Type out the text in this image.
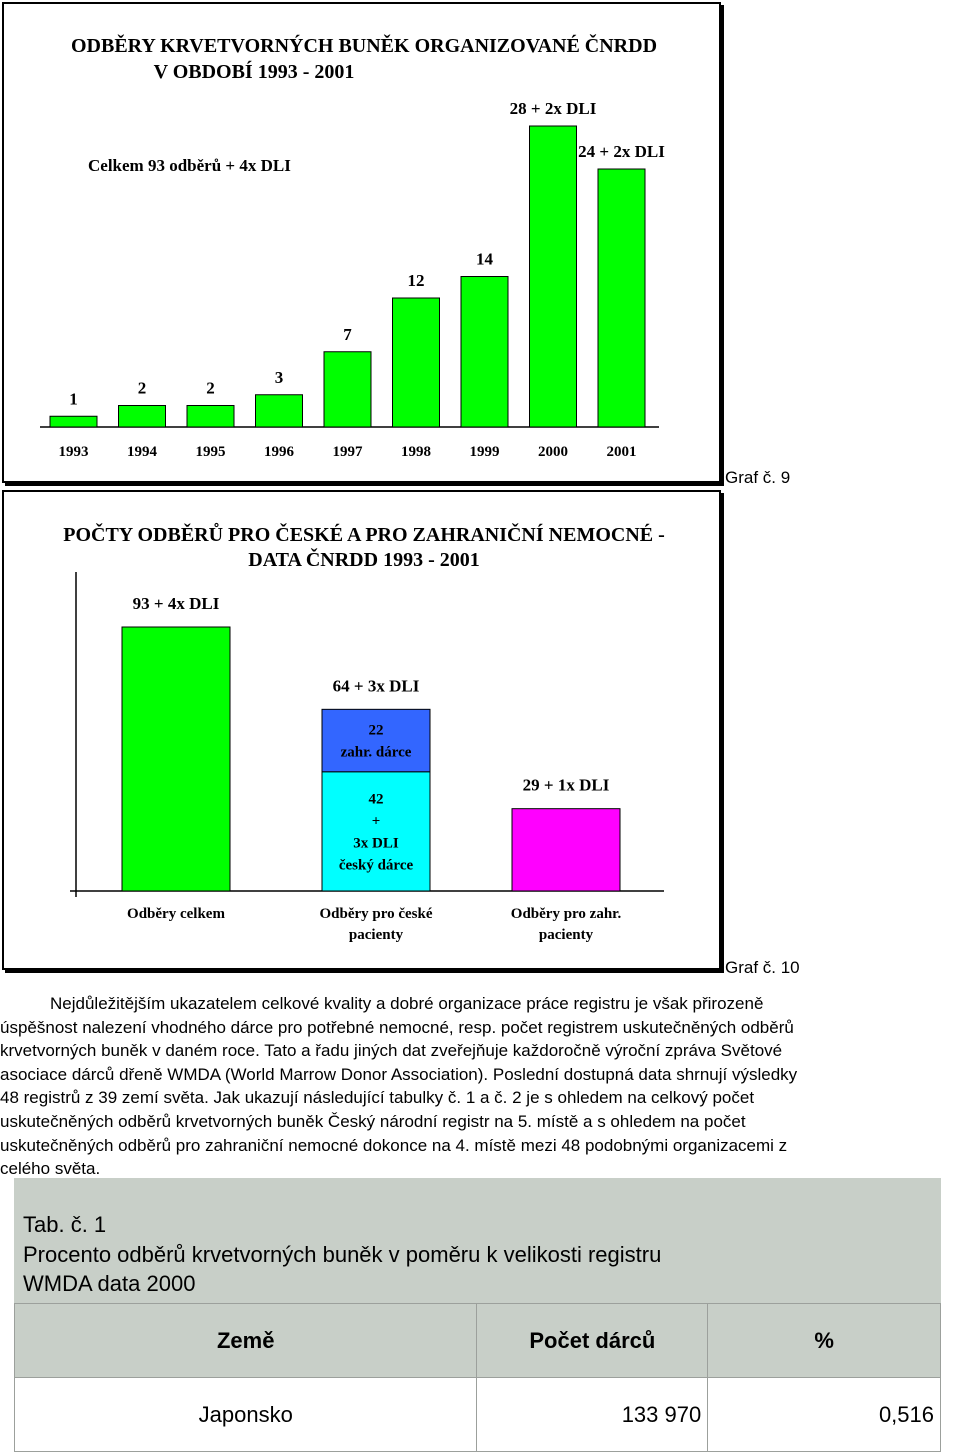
ODBĚRY KRVETVORNÝCH BUNĚK ORGANIZOVANÉ ČNRDD
V OBDOBÍ 1993 - 2001
Celkem 93 odběrů + 4x DLI
1
1993
2
1994
2
1995
3
1996
7
1997
12
1998
14
1999
28 + 2x DLI
2000
24 + 2x DLI
2001
Graf č. 9
POČTY ODBĚRŮ PRO ČESKÉ A PRO ZAHRANIČNÍ NEMOCNÉ -
DATA ČNRDD 1993 - 2001
93 + 4x DLI
Odběry celkem
42
+
3x DLI
český dárce
22
zahr. dárce
64 + 3x DLI
Odběry pro české
pacienty
29 + 1x DLI
Odběry pro zahr.
pacienty
Graf č. 10
Nejdůležitějším ukazatelem celkové kvality a dobré organizace práce registru je však přirozeně
úspěšnost nalezení vhodného dárce pro potřebné nemocné, resp. počet registrem uskutečněných odběrů
krvetvorných buněk v daném roce. Tato a řadu jiných dat zveřejňuje každoročně výroční zpráva Světové
asociace dárců dřeně WMDA (World Marrow Donor Association). Poslední dostupná data shrnují výsledky
48 registrů z 39 zemí světa. Jak ukazují následující tabulky č. 1 a č. 2 je s ohledem na celkový počet
uskutečněných odběrů krvetvorných buněk Český národní registr na 5. místě a s ohledem na počet
uskutečněných odběrů pro zahraniční nemocné dokonce na 4. místě mezi 48 podobnými organizacemi z
celého světa.
Tab. č. 1
Procento odběrů krvetvorných buněk v poměru k velikosti registru
WMDA data 2000
Země	Počet dárců	%
Japonsko	133 970	0,516
